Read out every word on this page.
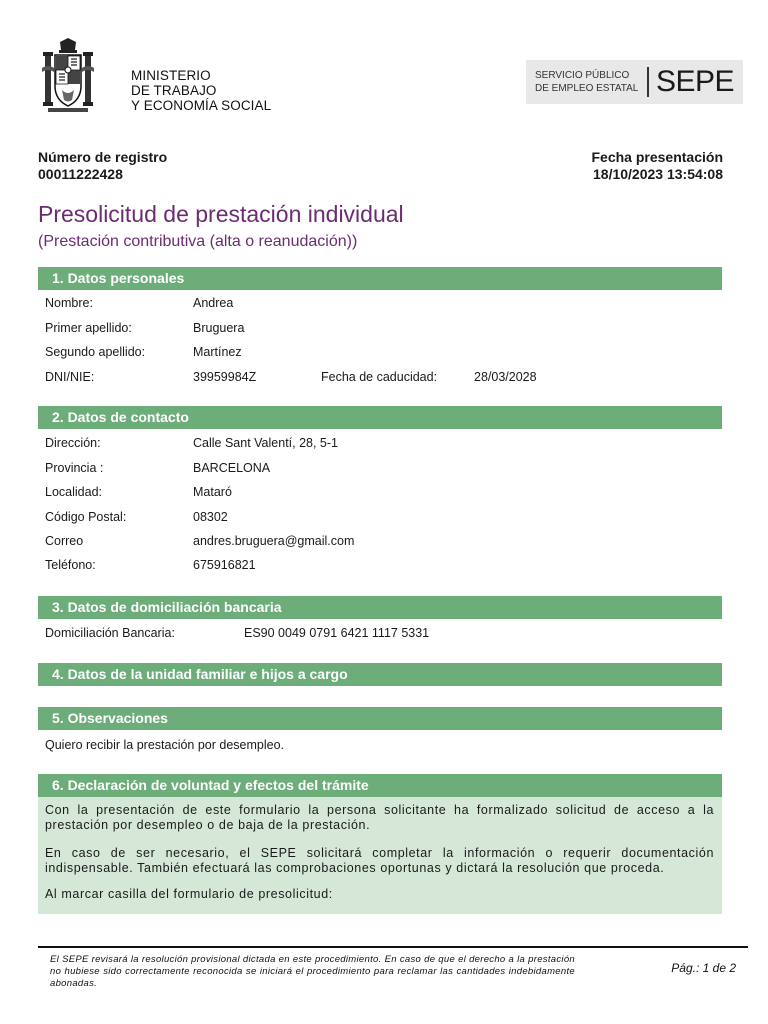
MINISTERIO
DE TRABAJO
Y ECONOMÍA SOCIAL
SERVICIO PÚBLICO
DE EMPLEO ESTATAL SEPE
Número de registro
00011222428
Fecha presentación
18/10/2023 13:54:08
Presolicitud de prestación individual
(Prestación contributiva (alta o reanudación))
1. Datos personales
Nombre:	Andrea
Primer apellido:	Bruguera
Segundo apellido:	Martínez
DNI/NIE:	39959984Z	Fecha de caducidad:	28/03/2028
2. Datos de contacto
Dirección:	Calle Sant Valentí, 28, 5-1
Provincia :	BARCELONA
Localidad:	Mataró
Código Postal:	08302
Correo	andres.bruguera@gmail.com
Teléfono:	675916821
3. Datos de domiciliación bancaria
Domiciliación Bancaria:	ES90 0049 0791 6421 1117 5331
4. Datos de la unidad familiar e hijos a cargo
5. Observaciones
Quiero recibir la prestación por desempleo.
6. Declaración de voluntad y efectos del trámite
Con la presentación de este formulario la persona solicitante ha formalizado solicitud de acceso a la prestación por desempleo o de baja de la prestación.
En caso de ser necesario, el SEPE solicitará completar la información o requerir documentación indispensable. También efectuará las comprobaciones oportunas y dictará la resolución que proceda.
Al marcar casilla del formulario de presolicitud:
El SEPE revisará la resolución provisional dictada en este procedimiento. En caso de que el derecho a la prestación no hubiese sido correctamente reconocida se iniciará el procedimiento para reclamar las cantidades indebidamente abonadas.
Pág.: 1 de 2
